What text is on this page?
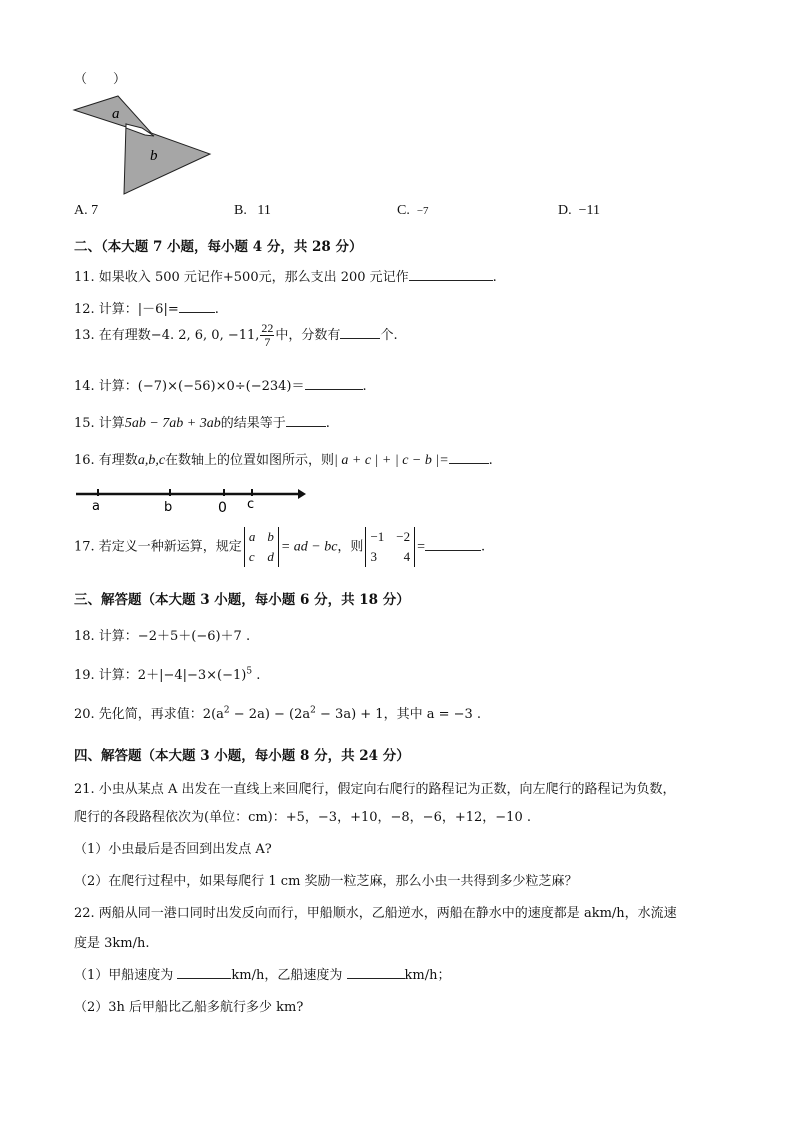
（　　）
a
b
A. 7	B. 11	C. −7	D. −11
二、（本大题 7 小题，每小题 4 分，共 28 分）
11. 如果收入 500 元记作+500元，那么支出 200 元记作	.
12. 计算：|－6|=	.
13. 在有理数−4. 2, 6, 0, −11, $\frac{22}{7}$ 中，分数有	个.
14. 计算：(−7)×(−56)×0÷(−234)＝	.
15. 计算5ab − 7ab + 3ab的结果等于	.
16. 有理数a,b,c在数轴上的位置如图所示，则| a + c | + | c − b |=	.
a	b	0 c
17. 若定义一种新运算，规定
a b
c d
= ad − bc，则
−1 −2
3 4
=	.
三、解答题（本大题 3 小题，每小题 6 分，共 18 分）
18. 计算：−2＋5＋(−6)＋7 .
19. 计算：$2+|-4|-3\times(-1)^5$ .
20. 先化简，再求值：$2(a^2 - 2a) - (2a^2 - 3a) + 1$，其中 a = −3 .
四、解答题（本大题 3 小题，每小题 8 分，共 24 分）
21. 小虫从某点 A 出发在一直线上来回爬行，假定向右爬行的路程记为正数，向左爬行的路程记为负数，
爬行的各段路程依次为(单位：cm)：+5，−3，+10，−8，−6，+12，−10 .
（1）小虫最后是否回到出发点 A?
（2）在爬行过程中，如果每爬行 1 cm 奖励一粒芝麻，那么小虫一共得到多少粒芝麻？
22. 两船从同一港口同时出发反向而行，甲船顺水，乙船逆水，两船在静水中的速度都是 akm/h，水流速
度是 3km/h.
（1）甲船速度为	km/h，乙船速度为	km/h；
（2）3h 后甲船比乙船多航行多少 km?
